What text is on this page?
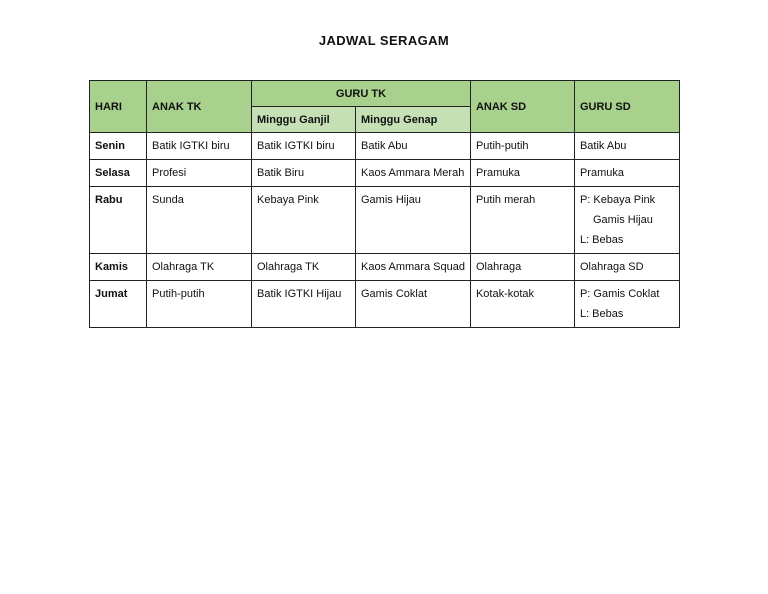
JADWAL SERAGAM
HARI	ANAK TK	GURU TK		ANAK SD	GURU SD
		Minggu Ganjil	Minggu Genap		
Senin	Batik IGTKI biru	Batik IGTKI biru	Batik Abu	Putih-putih	Batik Abu

Selasa	Profesi	Batik Biru	Kaos Ammara Merah	Pramuka	Pramuka

Rabu	Sunda	Kebaya Pink	Gamis Hijau	Putih merah	P: Kebaya Pink
Gamis Hijau
L: Bebas

Kamis	Olahraga TK	Olahraga TK	Kaos Ammara Squad	Olahraga	Olahraga SD

Jumat	Putih-putih	Batik IGTKI Hijau	Gamis Coklat	Kotak-kotak	P: Gamis Coklat
L: Bebas
